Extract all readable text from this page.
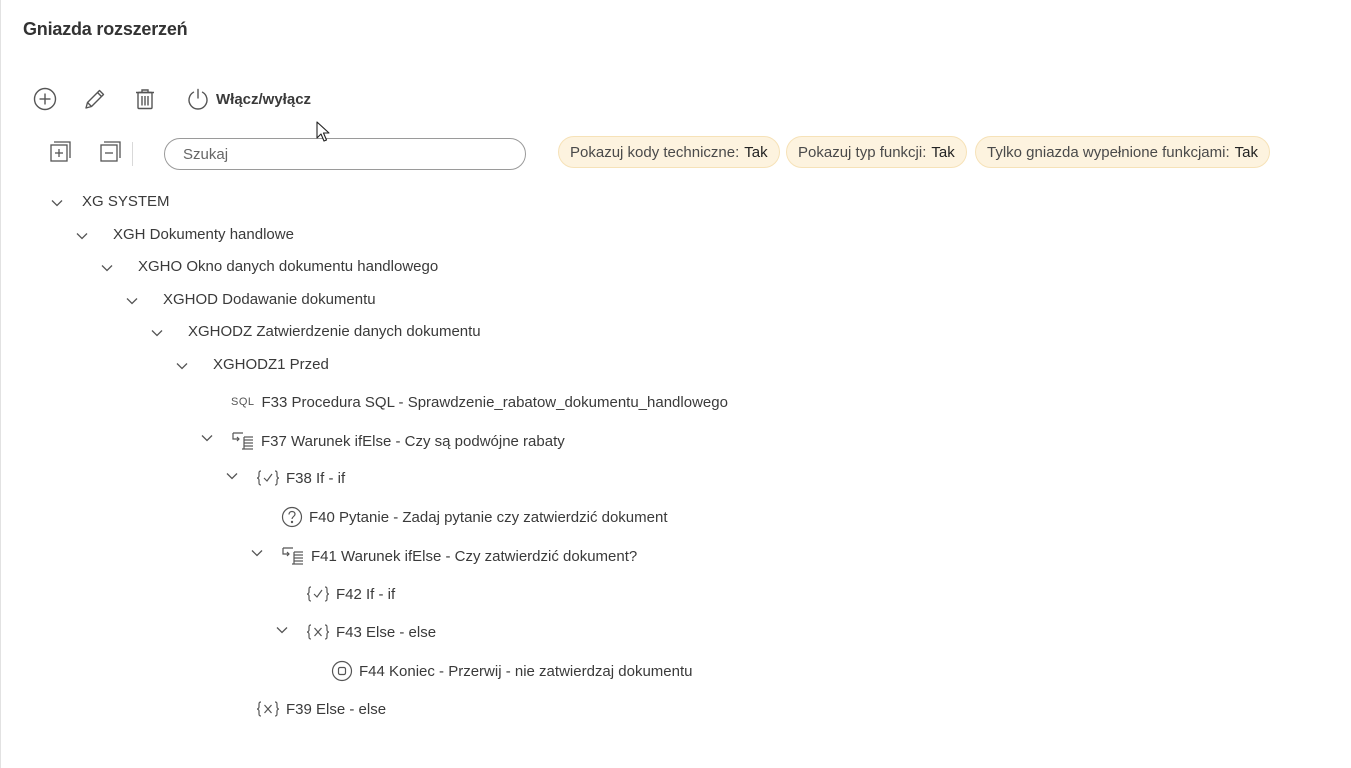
Gniazda rozszerzeń
Włącz/wyłącz
Szukaj
Pokazuj kody techniczne: Tak Pokazuj typ funkcji: Tak Tylko gniazda wypełnione funkcjami: Tak
XG SYSTEM
XGH Dokumenty handlowe
XGHO Okno danych dokumentu handlowego
XGHOD Dodawanie dokumentu
XGHODZ Zatwierdzenie danych dokumentu
XGHODZ1 Przed
SQL F33 Procedura SQL - Sprawdzenie_rabatow_dokumentu_handlowego
F37 Warunek ifElse - Czy są podwójne rabaty
F38 If - if
F40 Pytanie - Zadaj pytanie czy zatwierdzić dokument
F41 Warunek ifElse - Czy zatwierdzić dokument?
F42 If - if
F43 Else - else
F44 Koniec - Przerwij - nie zatwierdzaj dokumentu
F39 Else - else
